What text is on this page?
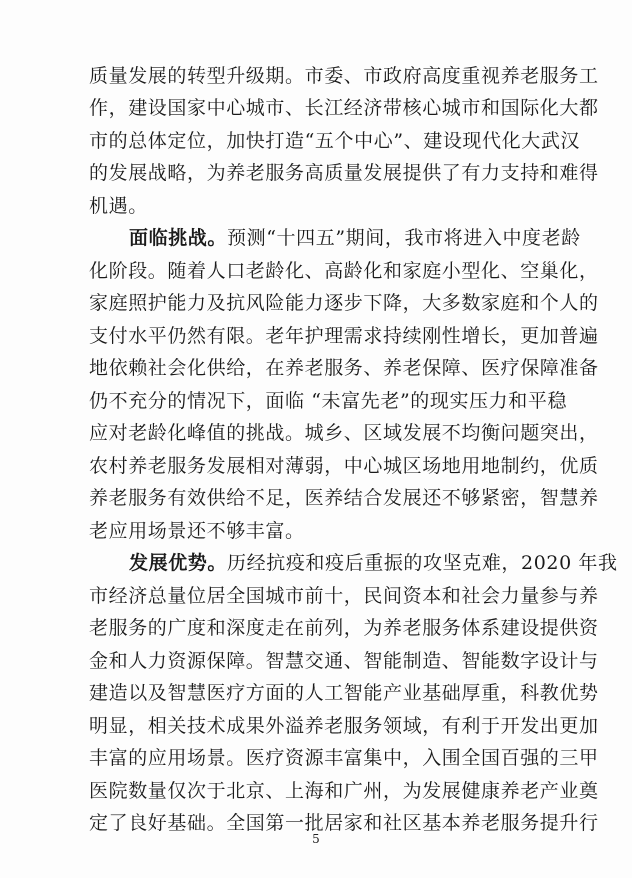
质量发展的转型升级期。市委、市政府高度重视养老服务工
作，建设国家中心城市、长江经济带核心城市和国际化大都
市的总体定位，加快打造“五个中心”、建设现代化大武汉
的发展战略，为养老服务高质量发展提供了有力支持和难得
机遇。
面临挑战。预测“十四五”期间，我市将进入中度老龄
化阶段。随着人口老龄化、高龄化和家庭小型化、空巢化，
家庭照护能力及抗风险能力逐步下降，大多数家庭和个人的
支付水平仍然有限。老年护理需求持续刚性增长，更加普遍
地依赖社会化供给，在养老服务、养老保障、医疗保障准备
仍不充分的情况下，面临 “未富先老”的现实压力和平稳
应对老龄化峰值的挑战。城乡、区域发展不均衡问题突出，
农村养老服务发展相对薄弱，中心城区场地用地制约，优质
养老服务有效供给不足，医养结合发展还不够紧密，智慧养
老应用场景还不够丰富。
发展优势。历经抗疫和疫后重振的攻坚克难，2020 年我
市经济总量位居全国城市前十，民间资本和社会力量参与养
老服务的广度和深度走在前列，为养老服务体系建设提供资
金和人力资源保障。智慧交通、智能制造、智能数字设计与
建造以及智慧医疗方面的人工智能产业基础厚重，科教优势
明显，相关技术成果外溢养老服务领域，有利于开发出更加
丰富的应用场景。医疗资源丰富集中，入围全国百强的三甲
医院数量仅次于北京、上海和广州，为发展健康养老产业奠
定了良好基础。全国第一批居家和社区基本养老服务提升行
5
